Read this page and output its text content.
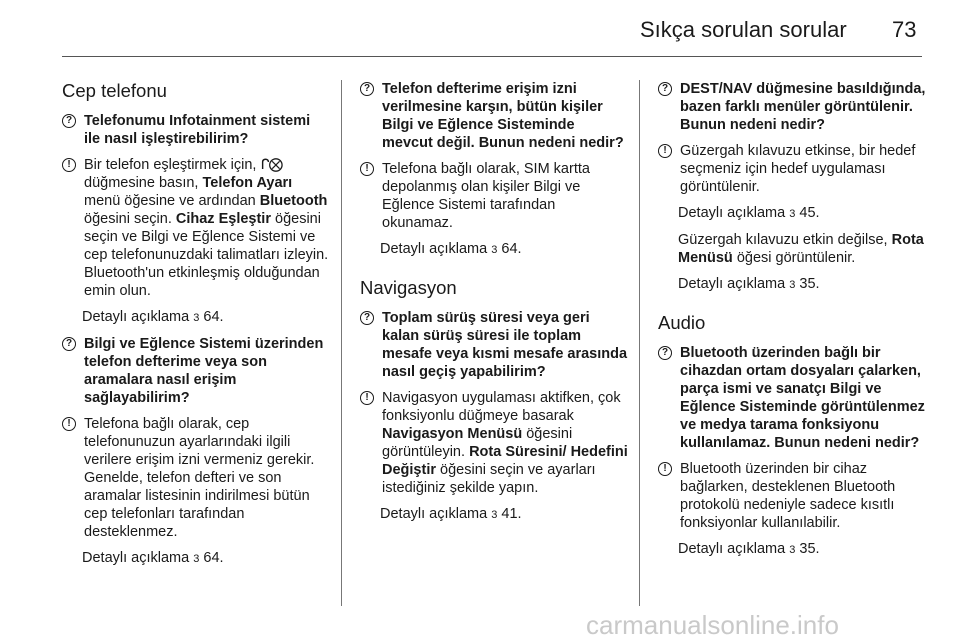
Sıkça sorulan sorular 73
Cep telefonu
? Telefonumu Infotainment sistemi ile nasıl işleştirebilirim?
! Bir telefon eşleştirmek için, ᒋ⨂ düğmesine basın, Telefon Ayarı menü öğesine ve ardından Bluetooth öğesini seçin. Cihaz Eşleştir öğesini seçin ve Bilgi ve Eğlence Sistemi ve cep telefonunuzdaki talimatları izleyin. Bluetooth'un etkinleşmiş olduğundan emin olun.

Detaylı açıklama 3 64.

? Bilgi ve Eğlence Sistemi üzerinden telefon defterime veya son aramalara nasıl erişim sağlayabilirim?
! Telefona bağlı olarak, cep telefonunuzun ayarlarındaki ilgili verilere erişim izni vermeniz gerekir. Genelde, telefon defteri ve son aramalar listesinin indirilmesi bütün cep telefonları tarafından desteklenmez.

Detaylı açıklama 3 64.

? Telefon defterime erişim izni verilmesine karşın, bütün kişiler Bilgi ve Eğlence Sisteminde mevcut değil. Bunun nedeni nedir?
! Telefona bağlı olarak, SIM kartta depolanmış olan kişiler Bilgi ve Eğlence Sistemi tarafından okunamaz.

Detaylı açıklama 3 64.

Navigasyon
? Toplam sürüş süresi veya geri kalan sürüş süresi ile toplam mesafe veya kısmi mesafe arasında nasıl geçiş yapabilirim?
! Navigasyon uygulaması aktifken, çok fonksiyonlu düğmeye basarak Navigasyon Menüsü öğesini görüntüleyin. Rota Süresini/ Hedefini Değiştir öğesini seçin ve ayarları istediğiniz şekilde yapın.

Detaylı açıklama 3 41.

? DEST/NAV düğmesine basıldığında, bazen farklı menüler görüntülenir. Bunun nedeni nedir?
! Güzergah kılavuzu etkinse, bir hedef seçmeniz için hedef uygulaması görüntülenir.

Detaylı açıklama 3 45.

Güzergah kılavuzu etkin değilse, Rota Menüsü öğesi görüntülenir.

Detaylı açıklama 3 35.

Audio
? Bluetooth üzerinden bağlı bir cihazdan ortam dosyaları çalarken, parça ismi ve sanatçı Bilgi ve Eğlence Sisteminde görüntülenmez ve medya tarama fonksiyonu kullanılamaz. Bunun nedeni nedir?
! Bluetooth üzerinden bir cihaz bağlarken, desteklenen Bluetooth protokolü nedeniyle sadece kısıtlı fonksiyonlar kullanılabilir.

Detaylı açıklama 3 35.

carmanualsonline.info
